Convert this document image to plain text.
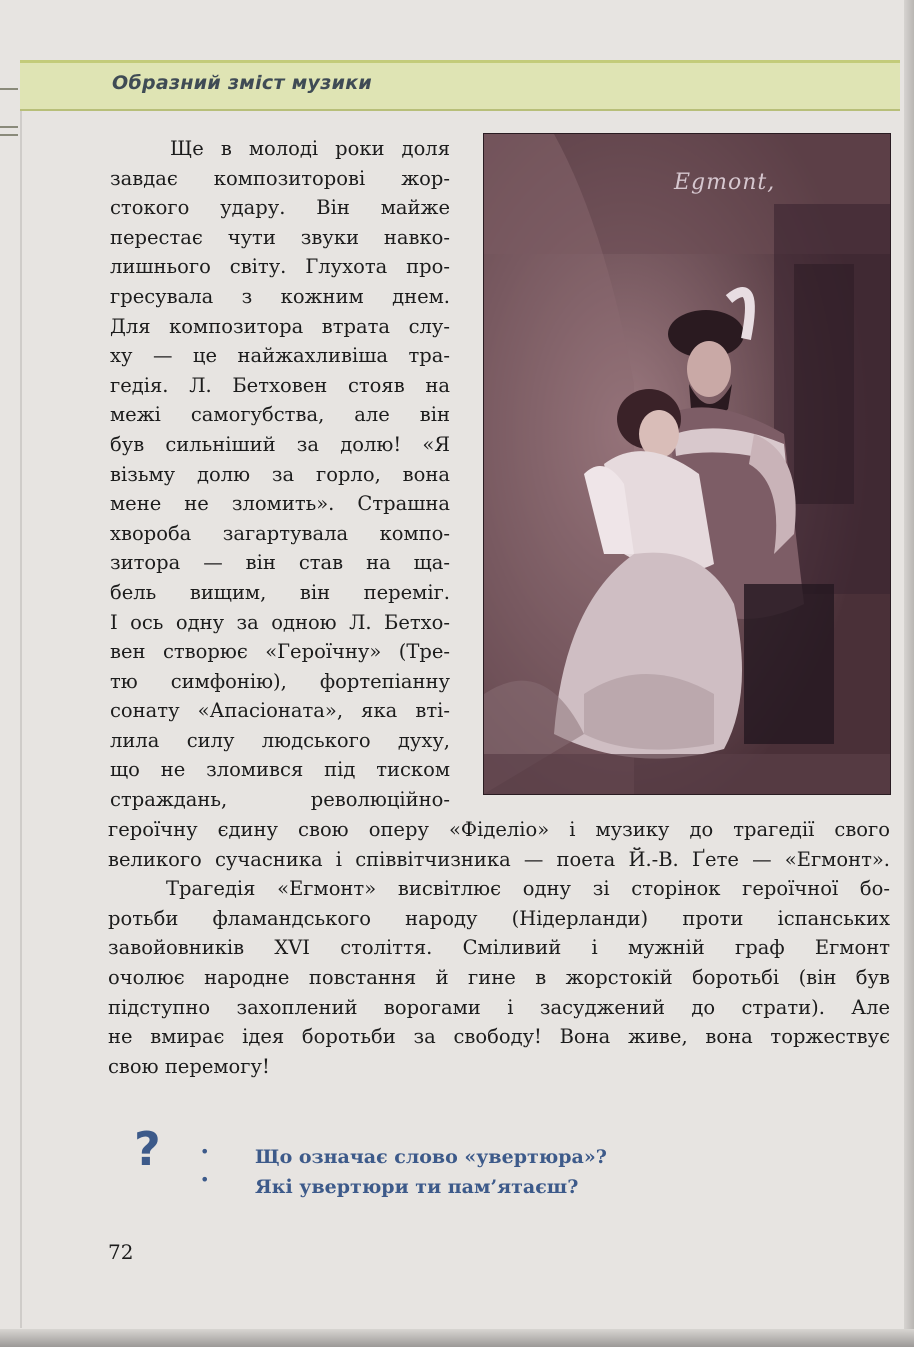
Образний зміст музики
Egmont,
Ще в молоді роки доля
завдає композиторові жор-
стокого удару. Він майже
перестає чути звуки навко-
лишнього світу. Глухота про-
гресувала з кожним днем.
Для композитора втрата слу-
ху — це найжахливіша тра-
гедія. Л. Бетховен стояв на
межі самогубства, але він
був сильніший за долю! «Я
візьму долю за горло, вона
мене не зломить». Страшна
хвороба загартувала компо-
зитора — він став на ща-
бель вищим, він переміг.
І ось одну за одною Л. Бетхо-
вен створює «Героїчну» (Тре-
тю симфонію), фортепіанну
сонату «Апасіоната», яка вті-
лила силу людського духу,
що не зломився під тиском
страждань, революційно-
героїчну єдину свою оперу «Фіделіо» і музику до трагедії свого
великого сучасника і співвітчизника — поета Й.-В. Ґете — «Егмонт».
Трагедія «Егмонт» висвітлює одну зі сторінок героїчної бо-
ротьби фламандського народу (Нідерланди) проти іспанських
завойовників XVI століття. Сміливий і мужній граф Егмонт
очолює народне повстання й гине в жорстокій боротьбі (він був
підступно захоплений ворогами і засуджений до страти). Але
не вмирає ідея боротьби за свободу! Вона живе, вона торжествує
свою перемогу!
? • Що означає слово «увертюра»?
• Які увертюри ти пам’ятаєш?
72
